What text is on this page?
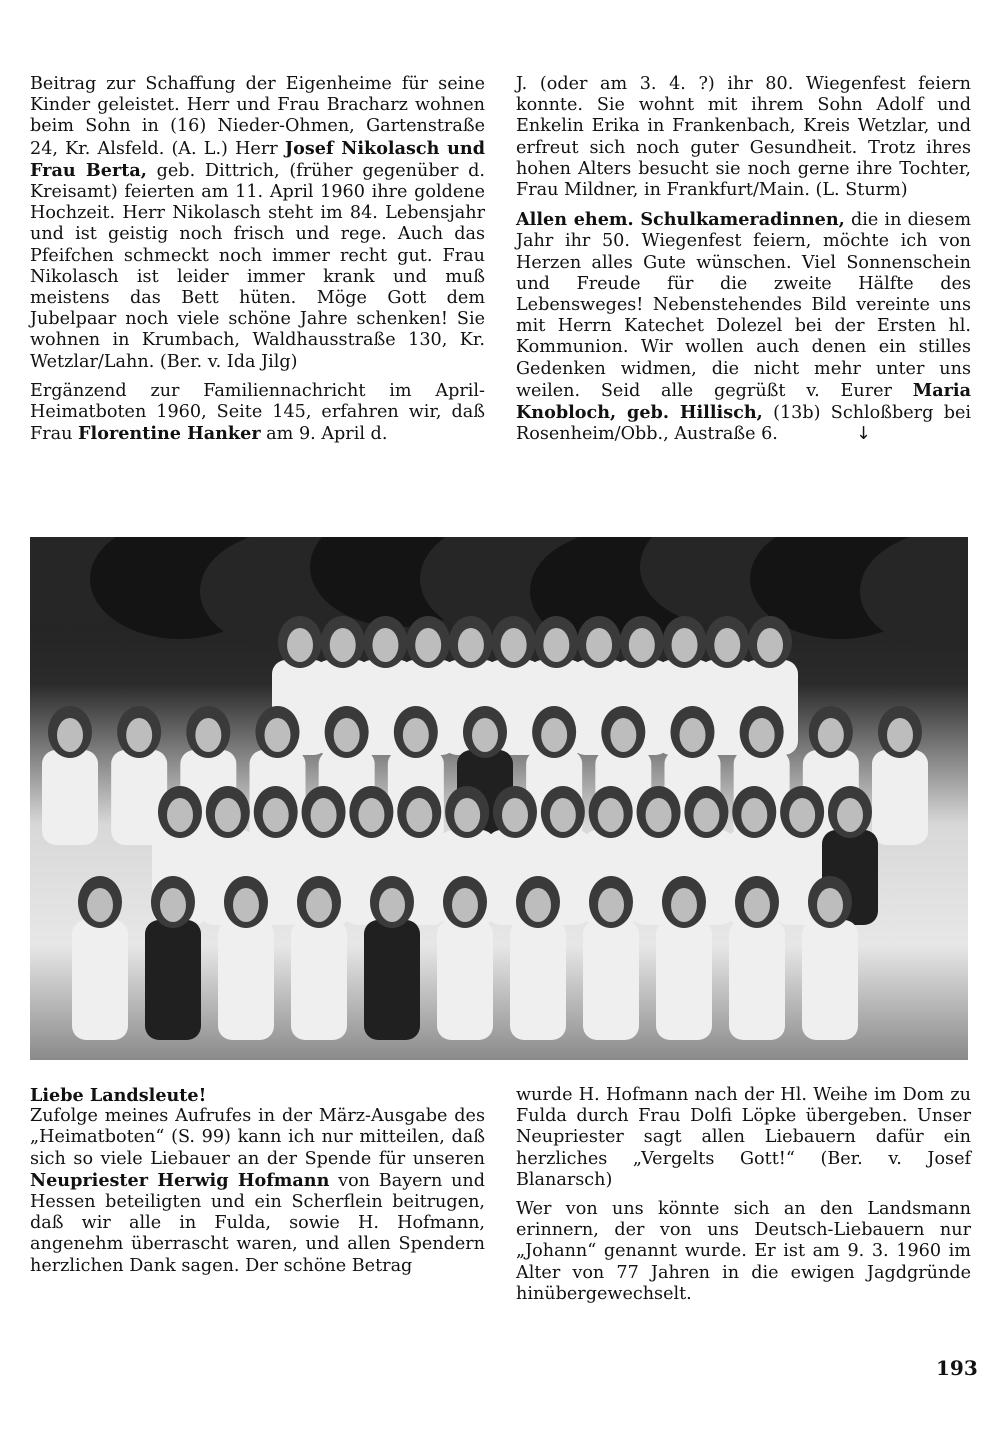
Beitrag zur Schaffung der Eigenheime für seine Kinder geleistet. Herr und Frau Bracharz wohnen beim Sohn in (16) Nieder-Ohmen, Gartenstraße 24, Kr. Alsfeld. (A. L.) Herr Josef Nikolasch und Frau Berta, geb. Dittrich, (früher gegenüber d. Kreisamt) feierten am 11. April 1960 ihre goldene Hochzeit. Herr Nikolasch steht im 84. Lebensjahr und ist geistig noch frisch und rege. Auch das Pfeifchen schmeckt noch immer recht gut. Frau Nikolasch ist leider immer krank und muß meistens das Bett hüten. Möge Gott dem Jubelpaar noch viele schöne Jahre schenken! Sie wohnen in Krumbach, Waldhausstraße 130, Kr. Wetzlar/Lahn. (Ber. v. Ida Jilg)

Ergänzend zur Familiennachricht im April-Heimatboten 1960, Seite 145, erfahren wir, daß Frau Florentine Hanker am 9. April d.

J. (oder am 3. 4. ?) ihr 80. Wiegenfest feiern konnte. Sie wohnt mit ihrem Sohn Adolf und Enkelin Erika in Frankenbach, Kreis Wetzlar, und erfreut sich noch guter Gesundheit. Trotz ihres hohen Alters besucht sie noch gerne ihre Tochter, Frau Mildner, in Frankfurt/Main. (L. Sturm)

Allen ehem. Schulkameradinnen, die in diesem Jahr ihr 50. Wiegenfest feiern, möchte ich von Herzen alles Gute wünschen. Viel Sonnenschein und Freude für die zweite Hälfte des Lebensweges! Nebenstehendes Bild vereinte uns mit Herrn Katechet Dolezel bei der Ersten hl. Kommunion. Wir wollen auch denen ein stilles Gedenken widmen, die nicht mehr unter uns weilen. Seid alle gegrüßt v. Eurer Maria Knobloch, geb. Hillisch, (13b) Schloßberg bei Rosenheim/Obb., Austraße 6.	↓

Liebe Landsleute!

Zufolge meines Aufrufes in der März-Ausgabe des „Heimatboten“ (S. 99) kann ich nur mitteilen, daß sich so viele Liebauer an der Spende für unseren Neupriester Herwig Hofmann von Bayern und Hessen beteiligten und ein Scherflein beitrugen, daß wir alle in Fulda, sowie H. Hofmann, angenehm überrascht waren, und allen Spendern herzlichen Dank sagen. Der schöne Betrag

wurde H. Hofmann nach der Hl. Weihe im Dom zu Fulda durch Frau Dolfi Löpke übergeben. Unser Neupriester sagt allen Liebauern dafür ein herzliches „Vergelts Gott!“ (Ber. v. Josef Blanarsch)

Wer von uns könnte sich an den Landsmann erinnern, der von uns Deutsch-Liebauern nur „Johann“ genannt wurde. Er ist am 9. 3. 1960 im Alter von 77 Jahren in die ewigen Jagdgründe hinübergewechselt.

193
